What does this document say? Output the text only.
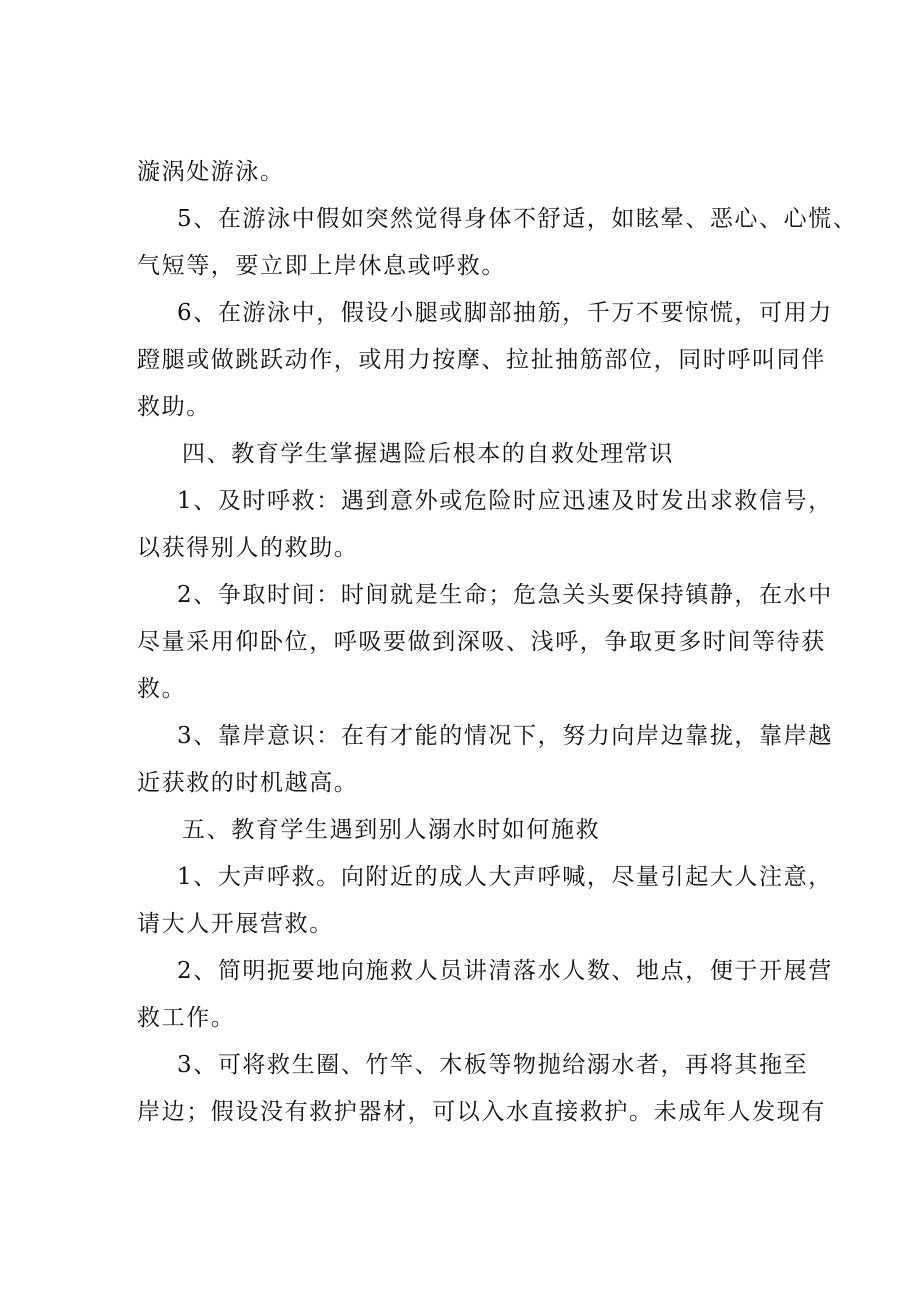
漩涡处游泳。
5、在游泳中假如突然觉得身体不舒适，如眩晕、恶心、心慌、
气短等，要立即上岸休息或呼救。
6、在游泳中，假设小腿或脚部抽筋，千万不要惊慌，可用力
蹬腿或做跳跃动作，或用力按摩、拉扯抽筋部位，同时呼叫同伴
救助。
四、教育学生掌握遇险后根本的自救处理常识
1、及时呼救：遇到意外或危险时应迅速及时发出求救信号，
以获得别人的救助。
2、争取时间：时间就是生命；危急关头要保持镇静，在水中
尽量采用仰卧位，呼吸要做到深吸、浅呼，争取更多时间等待获
救。
3、靠岸意识：在有才能的情况下，努力向岸边靠拢，靠岸越
近获救的时机越高。
五、教育学生遇到别人溺水时如何施救
1、大声呼救。向附近的成人大声呼喊，尽量引起大人注意，
请大人开展营救。
2、简明扼要地向施救人员讲清落水人数、地点，便于开展营
救工作。
3、可将救生圈、竹竿、木板等物抛给溺水者，再将其拖至
岸边；假设没有救护器材，可以入水直接救护。未成年人发现有
